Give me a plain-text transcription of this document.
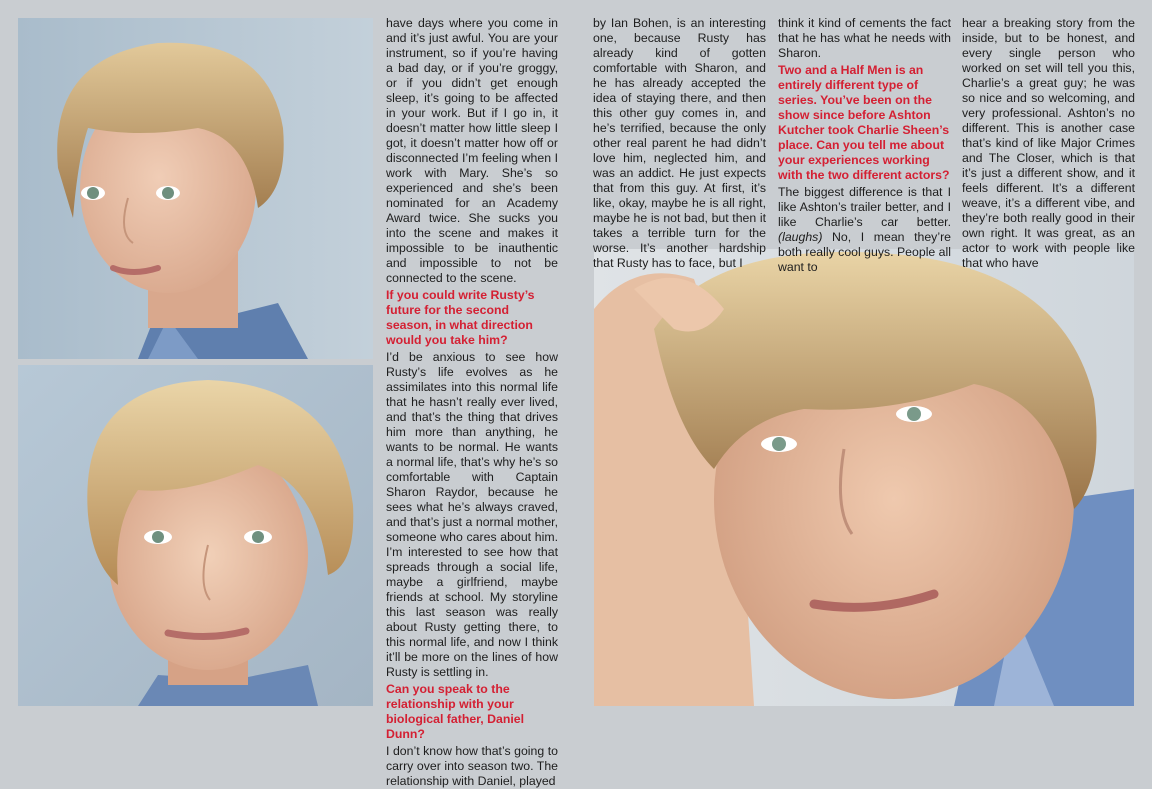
have days where you come in and it’s just awful. You are your instrument, so if you’re having a bad day, or if you’re groggy, or if you didn’t get enough sleep, it’s going to be affected in your work. But if I go in, it doesn’t matter how little sleep I got, it doesn’t matter how off or disconnected I’m feeling when I work with Mary. She’s so experienced and she’s been nominated for an Academy Award twice. She sucks you into the scene and makes it impossible to be inauthentic and impossible to not be connected to the scene.

If you could write Rusty’s future for the second season, in what direction would you take him?

I’d be anxious to see how Rusty’s life evolves as he assimilates into this normal life that he hasn’t really ever lived, and that’s the thing that drives him more than anything, he wants to be normal. He wants a normal life, that’s why he’s so comfortable with Captain Sharon Raydor, because he sees what he’s always craved, and that’s just a normal mother, someone who cares about him. I’m interested to see how that spreads through a social life, maybe a girlfriend, maybe friends at school. My storyline this last season was really about Rusty getting there, to this normal life, and now I think it’ll be more on the lines of how Rusty is settling in.

Can you speak to the relationship with your biological father, Daniel Dunn?

I don’t know how that’s going to carry over into season two. The relationship with Daniel, played

by Ian Bohen, is an interesting one, because Rusty has already kind of gotten comfortable with Sharon, and he has already accepted the idea of staying there, and then this other guy comes in, and he’s terrified, because the only other real parent he had didn’t love him, neglected him, and was an addict. He just expects that from this guy. At first, it’s like, okay, maybe he is all right, maybe he is not bad, but then it takes a terrible turn for the worse. It’s another hardship that Rusty has to face, but I

think it kind of cements the fact that he has what he needs with Sharon.

Two and a Half Men is an entirely different type of series. You’ve been on the show since before Ashton Kutcher took Charlie Sheen’s place. Can you tell me about your experiences working with the two different actors?

The biggest difference is that I like Ashton’s trailer better, and I like Charlie’s car better. (laughs) No, I mean they’re both really cool guys. People all want to

hear a breaking story from the inside, but to be honest, and every single person who worked on set will tell you this, Charlie’s a great guy; he was so nice and so welcoming, and very professional. Ashton’s no different. This is another case that’s kind of like Major Crimes and The Closer, which is that it’s just a different show, and it feels different. It’s a different weave, it’s a different vibe, and they’re both really good in their own right. It was great, as an actor to work with people like that who have
